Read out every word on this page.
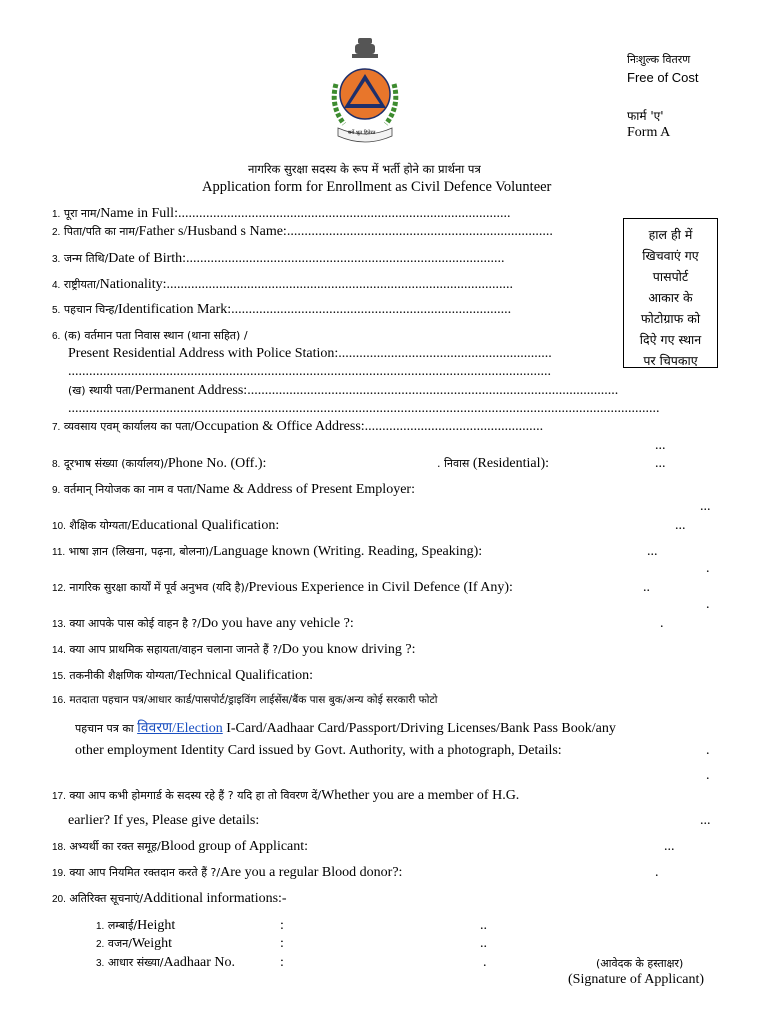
सर्वे भूत हितेरत
निःशुल्क वितरण
Free of Cost
फार्म 'ए'
Form A
नागरिक सुरक्षा सदस्य के रूप में भर्ती होने का प्रार्थना पत्र
Application form for Enrollment as Civil Defence Volunteer
हाल ही में
खिचवाएं गए
पासपोर्ट
आकार के
फोटोग्राफ को
दिऐ गए स्थान
पर चिपकाए
1. पूरा नाम/Name in Full:...............................................................................................
2. पिता/पति का नाम/Father s/Husband s Name:............................................................................
3. जन्म तिथि/Date of Birth:...........................................................................................
4. राष्ट्रीयता/Nationality:...................................................................................................
5. पहचान चिन्ह/Identification Mark:................................................................................
6. (क) वर्तमान पता निवास स्थान (थाना सहित) /
Present Residential Address with Police Station:.............................................................
..........................................................................................................................................
(ख) स्थायी पता/Permanent Address:..........................................................................................................
.........................................................................................................................................................................
7. व्यवसाय एवम् कार्यालय का पता/Occupation & Office Address:...................................................
...
8. दूरभाष संख्या (कार्यालय)/Phone No. (Off.):	. निवास (Residential):	...
9. वर्तमान् नियोजक का नाम व पता/Name & Address of Present Employer:
...
10. शैक्षिक योग्यता/Educational Qualification:	...
11. भाषा ज्ञान (लिखना, पढ़ना, बोलना)/Language known (Writing. Reading, Speaking):	...
.
12. नागरिक सुरक्षा कार्यों में पूर्व अनुभव (यदि है)/Previous Experience in Civil Defence (If Any):	..
.
13. क्या आपके पास कोई वाहन है ?/Do you have any vehicle ?:	.
14. क्या आप प्राथमिक सहायता/वाहन चलाना जानते हैं ?/Do you know driving ?:
15. तकनीकी शैक्षणिक योग्यता/Technical Qualification:
16. मतदाता पहचान पत्र/आधार कार्ड/पासपोर्ट/ड्राइविंग लाईसेंस/बैंक पास बुक/अन्य कोई सरकारी फोटो
पहचान पत्र का विवरण/Election I-Card/Aadhaar Card/Passport/Driving Licenses/Bank Pass Book/any
other employment Identity Card issued by Govt. Authority, with a photograph, Details:	.
.
17. क्या आप कभी होमगार्ड के सदस्य रहे हैं ? यदि हा तो विवरण दें/Whether you are a member of H.G.
earlier? If yes, Please give details:	...
18. अभ्यर्थी का रक्त समूह/Blood group of Applicant:	...
19. क्या आप नियमित रक्तदान करते हैं ?/Are you a regular Blood donor?:	.
20. अतिरिक्त सूचनाएं/Additional informations:-
1. लम्बाई/Height	:	..
2. वजन/Weight	:	..
3. आधार संख्या/Aadhaar No.	:	.	(आवेदक के हस्ताक्षर)
(Signature of Applicant)
